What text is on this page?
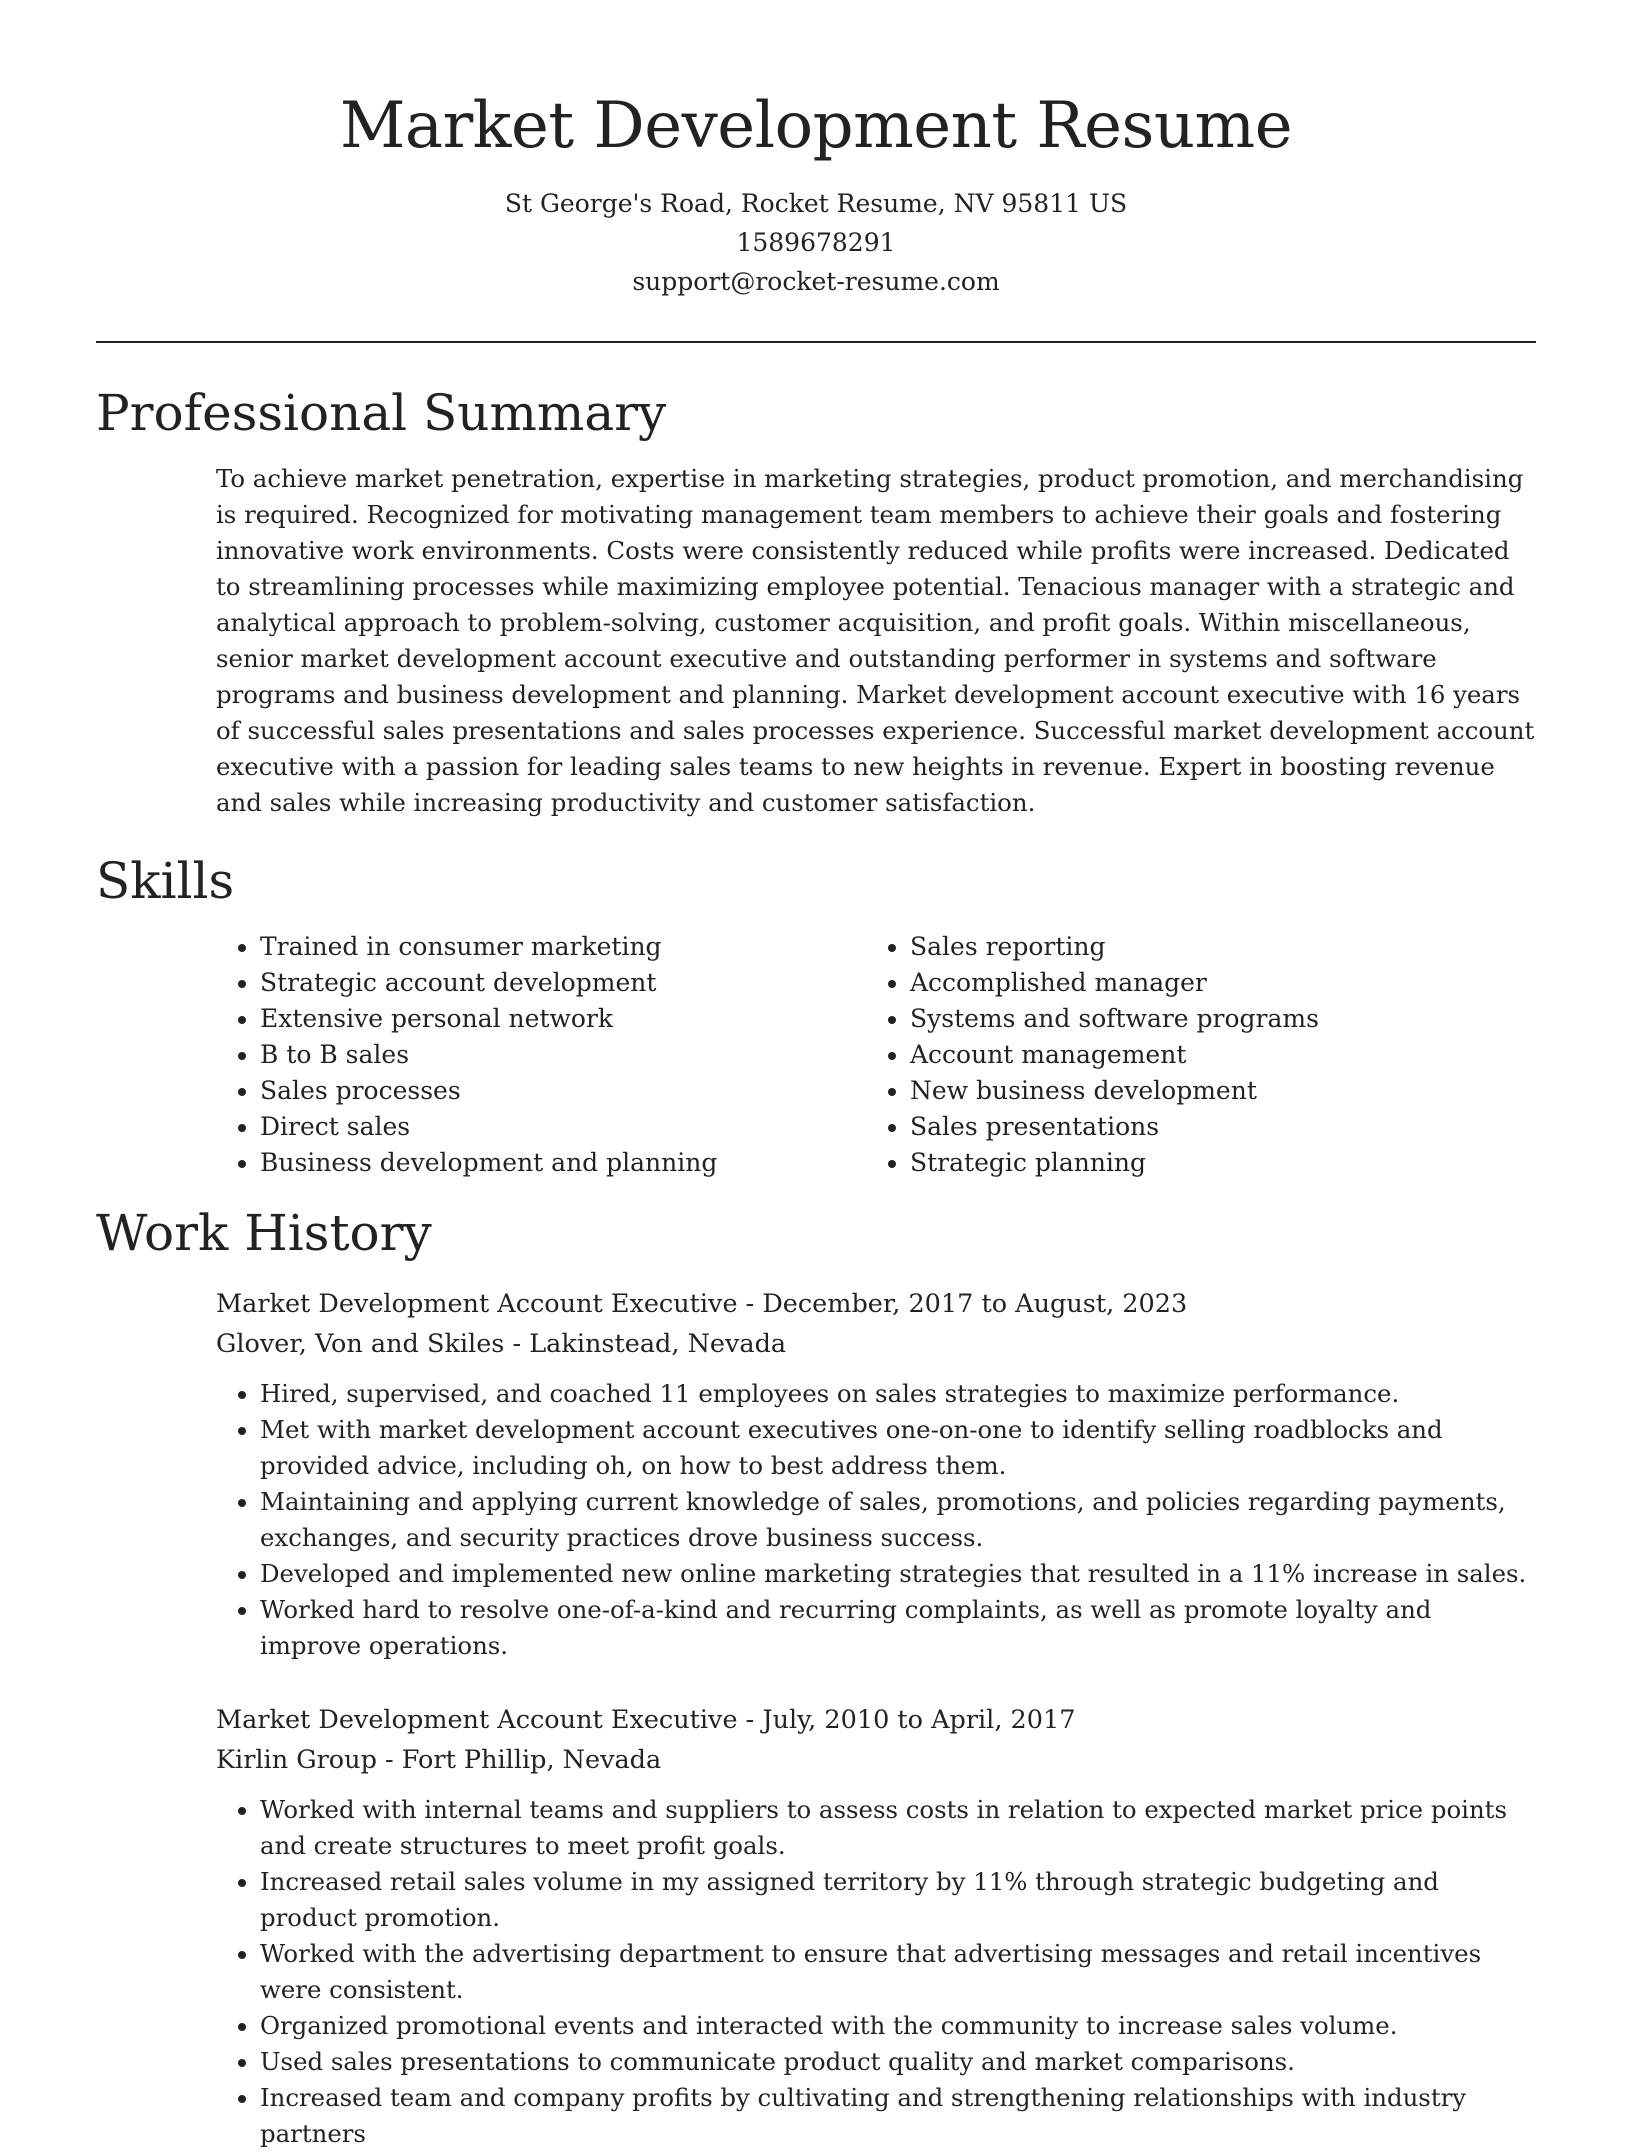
Market Development Resume
St George's Road, Rocket Resume, NV 95811 US
1589678291
support@rocket-resume.com
Professional Summary

To achieve market penetration, expertise in marketing strategies, product promotion, and merchandising is required. Recognized for motivating management team members to achieve their goals and fostering innovative work environments. Costs were consistently reduced while profits were increased. Dedicated to streamlining processes while maximizing employee potential. Tenacious manager with a strategic and analytical approach to problem-solving, customer acquisition, and profit goals. Within miscellaneous, senior market development account executive and outstanding performer in systems and software programs and business development and planning. Market development account executive with 16 years of successful sales presentations and sales processes experience. Successful market development account executive with a passion for leading sales teams to new heights in revenue. Expert in boosting revenue and sales while increasing productivity and customer satisfaction.

Skills
• Trained in consumer marketing
• Strategic account development
• Extensive personal network
• B to B sales
• Sales processes
• Direct sales
• Business development and planning
• Sales reporting
• Accomplished manager
• Systems and software programs
• Account management
• New business development
• Sales presentations
• Strategic planning
Work History
Market Development Account Executive - December, 2017 to August, 2023
Glover, Von and Skiles - Lakinstead, Nevada
• Hired, supervised, and coached 11 employees on sales strategies to maximize performance.
• Met with market development account executives one-on-one to identify selling roadblocks and provided advice, including oh, on how to best address them.
• Maintaining and applying current knowledge of sales, promotions, and policies regarding payments, exchanges, and security practices drove business success.
• Developed and implemented new online marketing strategies that resulted in a 11% increase in sales.
• Worked hard to resolve one-of-a-kind and recurring complaints, as well as promote loyalty and improve operations.
Market Development Account Executive - July, 2010 to April, 2017
Kirlin Group - Fort Phillip, Nevada
• Worked with internal teams and suppliers to assess costs in relation to expected market price points and create structures to meet profit goals.
• Increased retail sales volume in my assigned territory by 11% through strategic budgeting and product promotion.
• Worked with the advertising department to ensure that advertising messages and retail incentives were consistent.
• Organized promotional events and interacted with the community to increase sales volume.
• Used sales presentations to communicate product quality and market comparisons.
• Increased team and company profits by cultivating and strengthening relationships with industry partners
